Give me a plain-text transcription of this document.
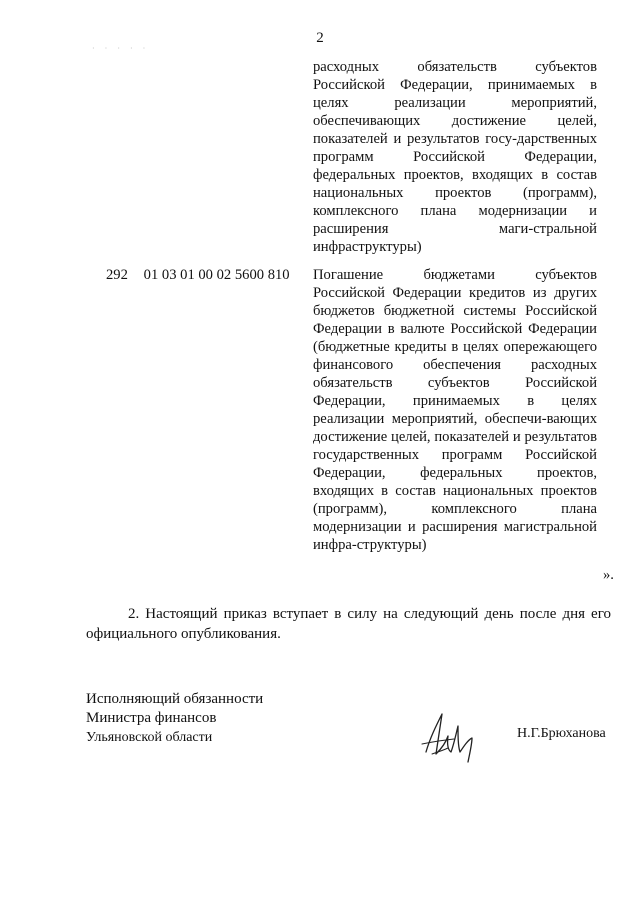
2
· · · · ·
расходных обязательств субъектов Российской Федерации, принимаемых в целях реализации мероприятий, обеспечивающих достижение целей, показателей и результатов госу-дарственных программ Российской Федерации, федеральных проектов, входящих в состав национальных проектов (программ), комплексного плана модернизации и расширения маги-стральной инфраструктуры)
292 01 03 01 00 02 5600 810 Погашение бюджетами субъектов Российской Федерации кредитов из других бюджетов бюджетной системы Российской Федерации в валюте Российской Федерации (бюджетные кредиты в целях опережающего финансового обеспечения расходных обязательств субъектов Российской Федерации, принимаемых в целях реализации мероприятий, обеспечи-вающих достижение целей, показателей и результатов государственных программ Российской Федерации, федеральных проектов, входящих в состав национальных проектов (программ), комплексного плана модернизации и расширения магистральной инфра-структуры)
».
2. Настоящий приказ вступает в силу на следующий день после дня его официального опубликования.
Исполняющий обязанности
Министра финансов
Ульяновской области	Н.Г.Брюханова
